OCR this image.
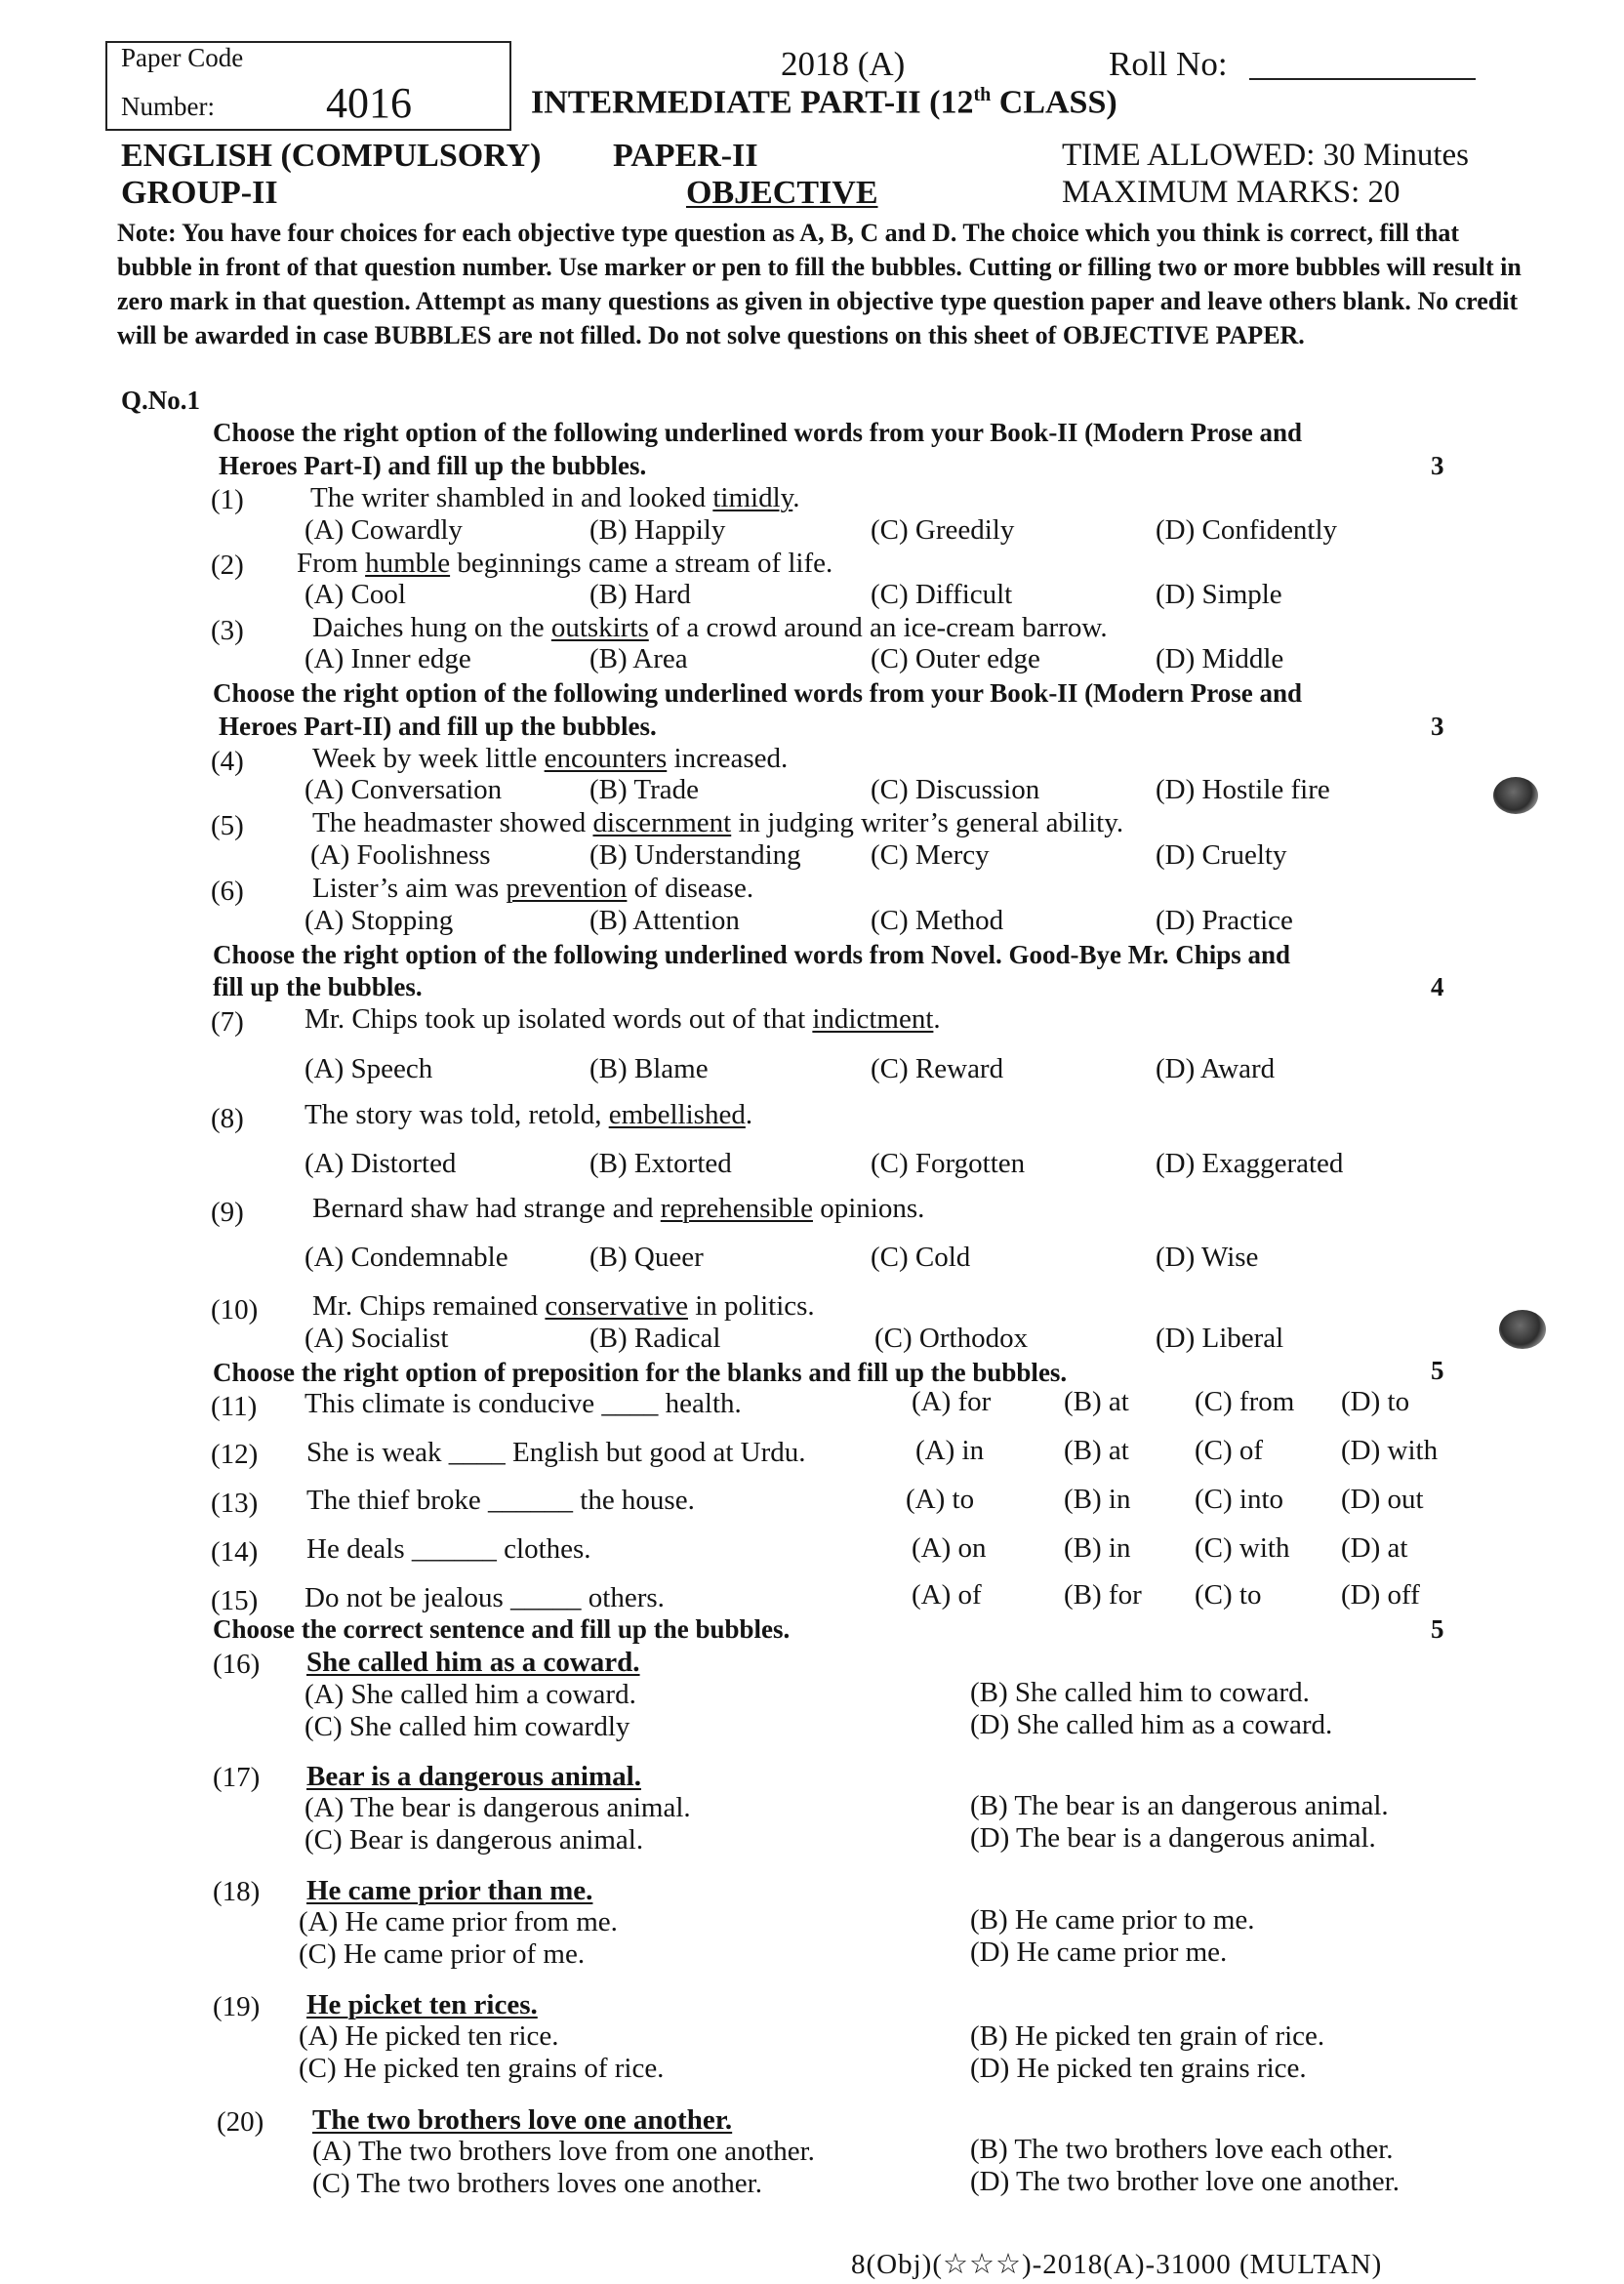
Paper Code
Number:	4016
2018 (A)	Roll No:
INTERMEDIATE PART-II (12th CLASS)
ENGLISH (COMPULSORY) PAPER-II	TIME ALLOWED: 30 Minutes
GROUP-II	OBJECTIVE	MAXIMUM MARKS: 20
Note: You have four choices for each objective type question as A, B, C and D. The choice which you think is correct, fill that bubble in front of that question number. Use marker or pen to fill the bubbles. Cutting or filling two or more bubbles will result in zero mark in that question. Attempt as many questions as given in objective type question paper and leave others blank. No credit will be awarded in case BUBBLES are not filled. Do not solve questions on this sheet of OBJECTIVE PAPER.
Q.No.1
Choose the right option of the following underlined words from your Book-II (Modern Prose and
Heroes Part-I) and fill up the bubbles.	3
(1) The writer shambled in and looked timidly.
(A) Cowardly	(B) Happily	(C) Greedily	(D) Confidently
(2) From humble beginnings came a stream of life.
(A) Cool	(B) Hard	(C) Difficult	(D) Simple
(3) Daiches hung on the outskirts of a crowd around an ice-cream barrow.
(A) Inner edge	(B) Area	(C) Outer edge	(D) Middle
Choose the right option of the following underlined words from your Book-II (Modern Prose and
Heroes Part-II) and fill up the bubbles.	3
(4) Week by week little encounters increased.
(A) Conversation	(B) Trade	(C) Discussion	(D) Hostile fire
(5) The headmaster showed discernment in judging writer’s general ability.
(A) Foolishness	(B) Understanding (C) Mercy	(D) Cruelty
(6) Lister’s aim was prevention of disease.
(A) Stopping	(B) Attention	(C) Method	(D) Practice
Choose the right option of the following underlined words from Novel. Good-Bye Mr. Chips and
fill up the bubbles.	4
(7) Mr. Chips took up isolated words out of that indictment.
(A) Speech	(B) Blame	(C) Reward	(D) Award
(8) The story was told, retold, embellished.
(A) Distorted	(B) Extorted	(C) Forgotten	(D) Exaggerated
(9) Bernard shaw had strange and reprehensible opinions.
(A) Condemnable	(B) Queer	(C) Cold	(D) Wise
(10) Mr. Chips remained conservative in politics.
(A) Socialist	(B) Radical	(C) Orthodox	(D) Liberal
Choose the right option of preposition for the blanks and fill up the bubbles.	5
(11) This climate is conducive ____ health.	(A) for	(B) at (C) from (D) to
(12) She is weak ____ English but good at Urdu.	(A) in	(B) at (C) of	(D) with
(13) The thief broke ______ the house.	(A) to	(B) in (C) into (D) out
(14) He deals ______ clothes.	(A) on	(B) in (C) with (D) at
(15) Do not be jealous _____ others.	(A) of	(B) for (C) to	(D) off
Choose the correct sentence and fill up the bubbles.	5
(16) She called him as a coward.
(A) She called him a coward.	(B) She called him to coward.
(C) She called him cowardly	(D) She called him as a coward.
(17) Bear is a dangerous animal.
(A) The bear is dangerous animal.	(B) The bear is an dangerous animal.
(C) Bear is dangerous animal.	(D) The bear is a dangerous animal.
(18) He came prior than me.
(A) He came prior from me.	(B) He came prior to me.
(C) He came prior of me.	(D) He came prior me.
(19) He picket ten rices.
(A) He picked ten rice.	(B) He picked ten grain of rice.
(C) He picked ten grains of rice.	(D) He picked ten grains rice.
(20) The two brothers love one another.
(A) The two brothers love from one another.	(B) The two brothers love each other.
(C) The two brothers loves one another.	(D) The two brother love one another.
8(Obj)(☆☆☆)-2018(A)-31000 (MULTAN)
